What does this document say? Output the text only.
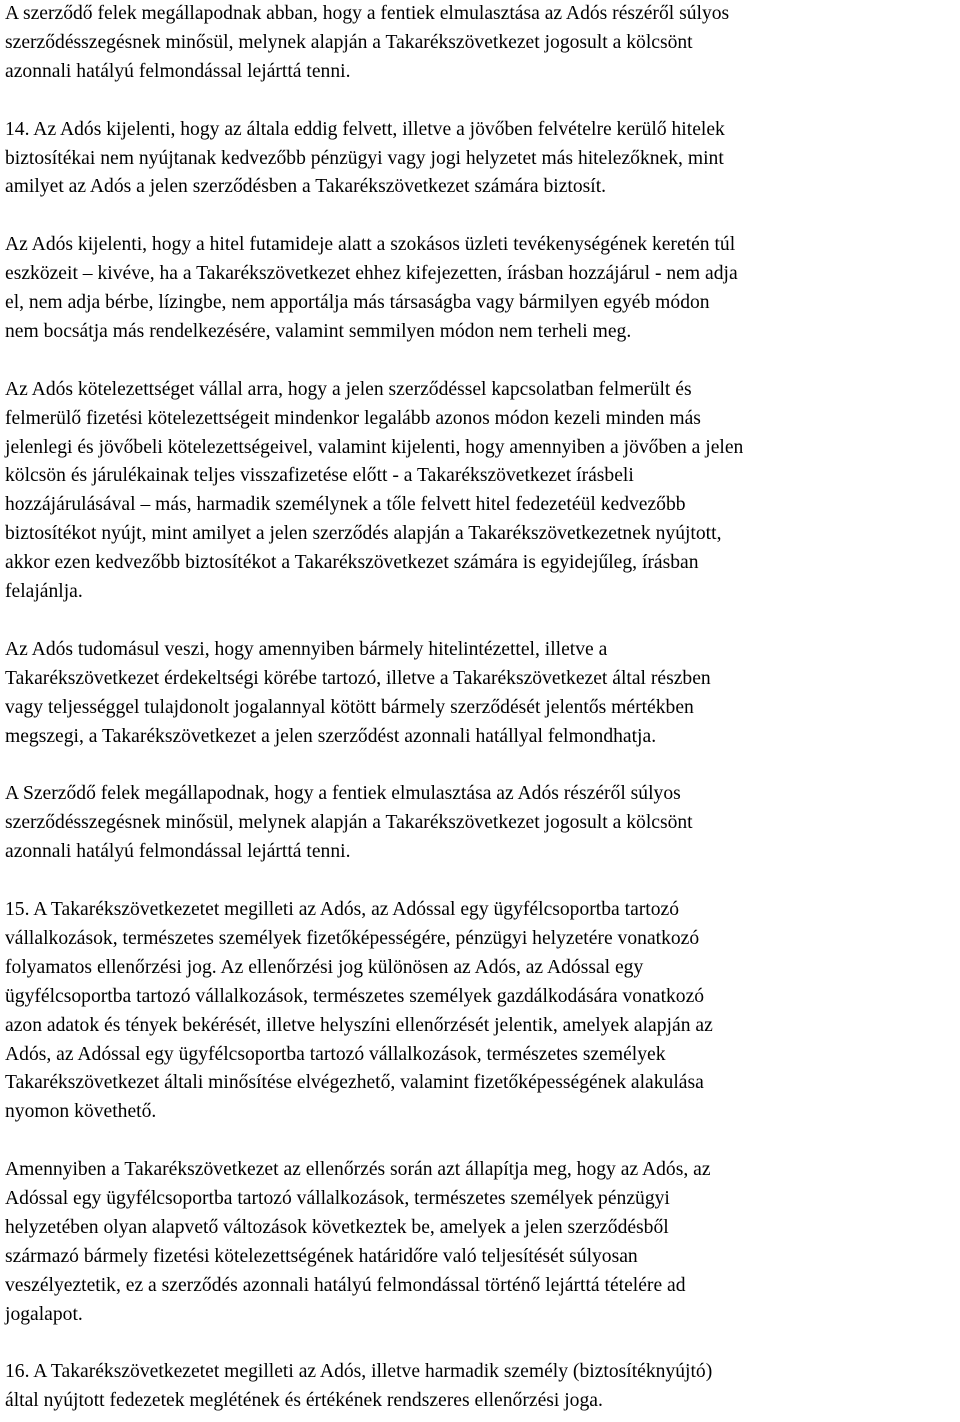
A szerződő felek megállapodnak abban, hogy a fentiek elmulasztása az Adós részéről súlyos
szerződésszegésnek minősül, melynek alapján a Takarékszövetkezet jogosult a kölcsönt
azonnali hatályú felmondással lejárttá tenni.
14. Az Adós kijelenti, hogy az általa eddig felvett, illetve a jövőben felvételre kerülő hitelek
biztosítékai nem nyújtanak kedvezőbb pénzügyi vagy jogi helyzetet más hitelezőknek, mint
amilyet az Adós a jelen szerződésben a Takarékszövetkezet számára biztosít.
Az Adós kijelenti, hogy a hitel futamideje alatt a szokásos üzleti tevékenységének keretén túl
eszközeit – kivéve, ha a Takarékszövetkezet ehhez kifejezetten, írásban hozzájárul - nem adja
el, nem adja bérbe, lízingbe, nem apportálja más társaságba vagy bármilyen egyéb módon
nem bocsátja más rendelkezésére, valamint semmilyen módon nem terheli meg.
Az Adós kötelezettséget vállal arra, hogy a jelen szerződéssel kapcsolatban felmerült és
felmerülő fizetési kötelezettségeit mindenkor legalább azonos módon kezeli minden más
jelenlegi és jövőbeli kötelezettségeivel, valamint kijelenti, hogy amennyiben a jövőben a jelen
kölcsön és járulékainak teljes visszafizetése előtt - a Takarékszövetkezet írásbeli
hozzájárulásával – más, harmadik személynek a tőle felvett hitel fedezetéül kedvezőbb
biztosítékot nyújt, mint amilyet a jelen szerződés alapján a Takarékszövetkezetnek nyújtott,
akkor ezen kedvezőbb biztosítékot a Takarékszövetkezet számára is egyidejűleg, írásban
felajánlja.
Az Adós tudomásul veszi, hogy amennyiben bármely hitelintézettel, illetve a
Takarékszövetkezet érdekeltségi körébe tartozó, illetve a Takarékszövetkezet által részben
vagy teljességgel tulajdonolt jogalannyal kötött bármely szerződését jelentős mértékben
megszegi, a Takarékszövetkezet a jelen szerződést azonnali hatállyal felmondhatja.
A Szerződő felek megállapodnak, hogy a fentiek elmulasztása az Adós részéről súlyos
szerződésszegésnek minősül, melynek alapján a Takarékszövetkezet jogosult a kölcsönt
azonnali hatályú felmondással lejárttá tenni.
15. A Takarékszövetkezetet megilleti az Adós, az Adóssal egy ügyfélcsoportba tartozó
vállalkozások, természetes személyek fizetőképességére, pénzügyi helyzetére vonatkozó
folyamatos ellenőrzési jog. Az ellenőrzési jog különösen az Adós, az Adóssal egy
ügyfélcsoportba tartozó vállalkozások, természetes személyek gazdálkodására vonatkozó
azon adatok és tények bekérését, illetve helyszíni ellenőrzését jelentik, amelyek alapján az
Adós, az Adóssal egy ügyfélcsoportba tartozó vállalkozások, természetes személyek
Takarékszövetkezet általi minősítése elvégezhető, valamint fizetőképességének alakulása
nyomon követhető.
Amennyiben a Takarékszövetkezet az ellenőrzés során azt állapítja meg, hogy az Adós, az
Adóssal egy ügyfélcsoportba tartozó vállalkozások, természetes személyek pénzügyi
helyzetében olyan alapvető változások következtek be, amelyek a jelen szerződésből
származó bármely fizetési kötelezettségének határidőre való teljesítését súlyosan
veszélyeztetik, ez a szerződés azonnali hatályú felmondással történő lejárttá tételére ad
jogalapot.
16. A Takarékszövetkezetet megilleti az Adós, illetve harmadik személy (biztosítéknyújtó)
által nyújtott fedezetek meglétének és értékének rendszeres ellenőrzési joga.
